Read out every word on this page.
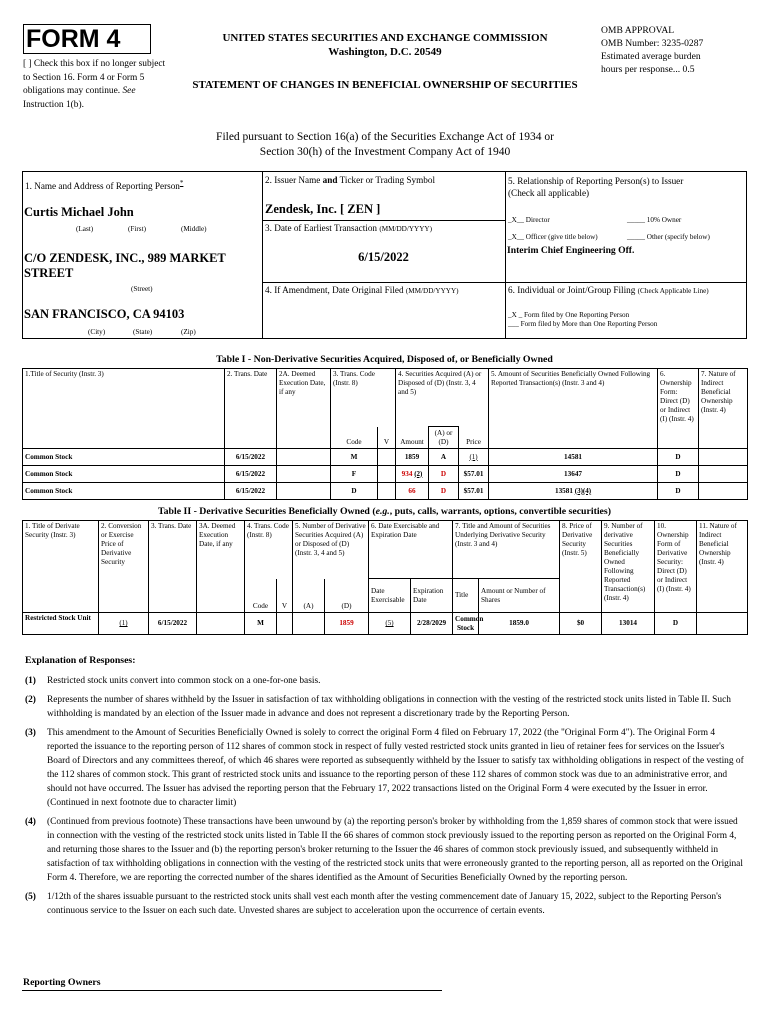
FORM 4
[ ] Check this box if no longer subject to Section 16. Form 4 or Form 5 obligations may continue. See Instruction 1(b).
UNITED STATES SECURITIES AND EXCHANGE COMMISSION
Washington, D.C. 20549
STATEMENT OF CHANGES IN BENEFICIAL OWNERSHIP OF SECURITIES
OMB APPROVAL
OMB Number: 3235-0287
Estimated average burden
hours per response... 0.5
Filed pursuant to Section 16(a) of the Securities Exchange Act of 1934 or
Section 30(h) of the Investment Company Act of 1940
1. Name and Address of Reporting Person*
Curtis Michael John
(Last)	(First)	(Middle)
C/O ZENDESK, INC., 989 MARKET STREET
(Street)
SAN FRANCISCO, CA 94103
(City)	(State)	(Zip)
2. Issuer Name and Ticker or Trading Symbol
Zendesk, Inc. [ ZEN ]
3. Date of Earliest Transaction (MM/DD/YYYY)
6/15/2022
4. If Amendment, Date Original Filed (MM/DD/YYYY)
5. Relationship of Reporting Person(s) to Issuer
(Check all applicable)
_X__ Director	_____ 10% Owner
_X__ Officer (give title below)	_____ Other (specify below)
Interim Chief Engineering Off.
6. Individual or Joint/Group Filing (Check Applicable Line)
_X _ Form filed by One Reporting Person
___ Form filed by More than One Reporting Person
Table I - Non-Derivative Securities Acquired, Disposed of, or Beneficially Owned
1.Title of Security (Instr. 3)	2. Trans. Date	2A. Deemed Execution Date, if any	3. Trans. Code (Instr. 8)		4. Securities Acquired (A) or Disposed of (D) (Instr. 3, 4 and 5)			5. Amount of Securities Beneficially Owned Following Reported Transaction(s) (Instr. 3 and 4)	6. Ownership Form: Direct (D) or Indirect (I) (Instr. 4)	7. Nature of Indirect Beneficial Ownership (Instr. 4)
			Code	V	Amount	(A) or (D)	Price			
Common Stock	6/15/2022		M		1859	A	(1)	14581	D	
Common Stock	6/15/2022		F		934 (2)	D	$57.01	13647	D	
Common Stock	6/15/2022		D		66	D	$57.01	13581 (3)(4)	D	
Table II - Derivative Securities Beneficially Owned (e.g., puts, calls, warrants, options, convertible securities)
1. Title of Derivate Security (Instr. 3)	2. Conversion or Exercise Price of Derivative Security	3. Trans. Date	3A. Deemed Execution Date, if any	4. Trans. Code (Instr. 8)		5. Number of Derivative Securities Acquired (A) or Disposed of (D) (Instr. 3, 4 and 5)		6. Date Exercisable and Expiration Date		7. Title and Amount of Securities Underlying Derivative Security (Instr. 3 and 4)		8. Price of Derivative Security (Instr. 5)	9. Number of derivative Securities Beneficially Owned Following Reported Transaction(s) (Instr. 4)	10. Ownership Form of Derivative Security: Direct (D) or Indirect (I) (Instr. 4)	11. Nature of Indirect Beneficial Ownership (Instr. 4)
				Code	V	(A)	(D)	Date Exercisable	Expiration Date	Title	Amount or Number of Shares				
Restricted Stock Unit	(1)	6/15/2022		M			1859	(5)	2/28/2029	Common Stock	1859.0	$0	13014	D	
Explanation of Responses:

(1)	Restricted stock units convert into common stock on a one-for-one basis.

(2)	Represents the number of shares withheld by the Issuer in satisfaction of tax withholding obligations in connection with the vesting of the restricted stock units listed in Table II. Such withholding is mandated by an election of the Issuer made in advance and does not represent a discretionary trade by the Reporting Person.

(3)	This amendment to the Amount of Securities Beneficially Owned is solely to correct the original Form 4 filed on February 17, 2022 (the "Original Form 4"). The Original Form 4 reported the issuance to the reporting person of 112 shares of common stock in respect of fully vested restricted stock units granted in lieu of retainer fees for services on the Issuer's Board of Directors and any committees thereof, of which 46 shares were reported as subsequently withheld by the Issuer to satisfy tax withholding obligations in respect of the vesting of the 112 shares of common stock. This grant of restricted stock units and issuance to the reporting person of these 112 shares of common stock was due to an administrative error, and should not have occurred. The Issuer has advised the reporting person that the February 17, 2022 transactions listed on the Original Form 4 were executed by the Issuer in error. (Continued in next footnote due to character limit)

(4)	(Continued from previous footnote) These transactions have been unwound by (a) the reporting person's broker by withholding from the 1,859 shares of common stock that were issued in connection with the vesting of the restricted stock units listed in Table II the 66 shares of common stock previously issued to the reporting person as reported on the Original Form 4, and returning those shares to the Issuer and (b) the reporting person's broker returning to the Issuer the 46 shares of common stock previously issued, and subsequently withheld in satisfaction of tax withholding obligations in connection with the vesting of the restricted stock units that were erroneously granted to the reporting person, all as reported on the Original Form 4. Therefore, we are reporting the corrected number of the shares identified as the Amount of Securities Beneficially Owned by the reporting person.

(5)	1/12th of the shares issuable pursuant to the restricted stock units shall vest each month after the vesting commencement date of January 15, 2022, subject to the Reporting Person's continuous service to the Issuer on each such date. Unvested shares are subject to acceleration upon the occurrence of certain events.

Reporting Owners
